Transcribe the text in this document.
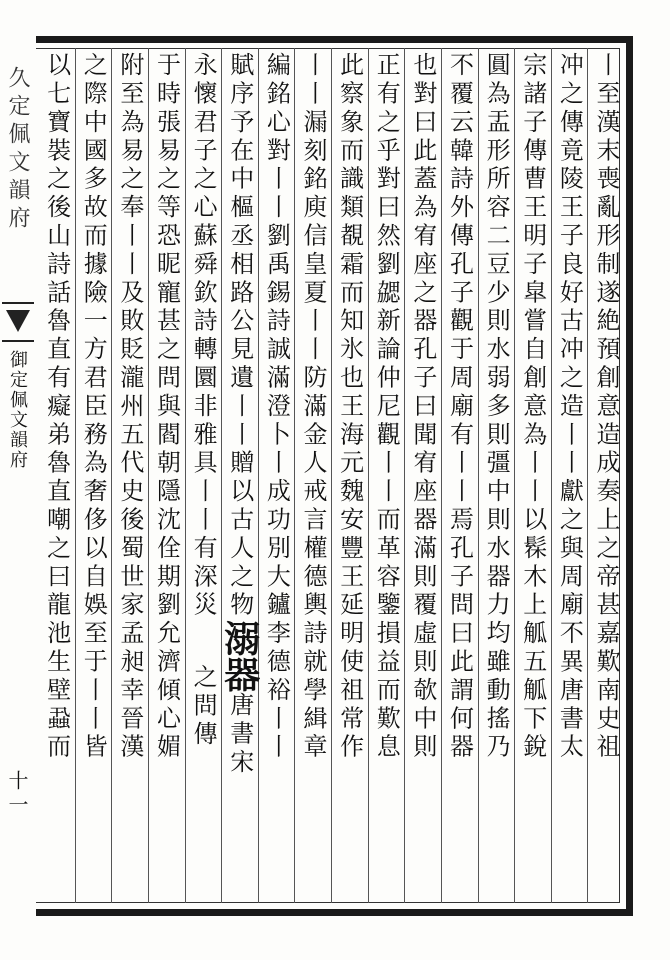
久定佩文韻府
御定佩文韻府
十一
丨至漢末喪亂形制遂絶預創意造成奏上之帝甚嘉歎南史祖
冲之傳竟陵王子良好古冲之造丨丨獻之與周廟不異唐書太
宗諸子傳曹王明子皐嘗自創意為丨丨以髹木上觚五觚下銳
圓為盂形所容二豆少則水弱多則彊中則水器力均雖動搖乃
不覆云韓詩外傳孔子觀于周廟有丨丨焉孔子問曰此謂何器
也對曰此蓋為宥座之器孔子曰聞宥座器滿則覆虛則欹中則
正有之乎對曰然劉勰新論仲尼觀丨丨而革容鑒損益而歎息
此察象而識類覩霜而知氷也王海元魏安豐王延明使祖常作
丨丨漏刻銘庾信皇夏丨丨防滿金人戒言權德輿詩就學緝章
編銘心對丨丨劉禹錫詩誠滿澄卜丨成功別大鑪李德裕丨丨
賦序予在中樞丞相路公見遺丨丨贈以古人之物溺器唐書宋
永懷君子之心蘇舜欽詩轉圜非雅具丨丨有深災之問傳
于時張易之等恐昵寵甚之問與閻朝隱沈佺期劉允濟傾心媚
附至為易之奉丨丨及敗貶瀧州五代史後蜀世家孟昶幸晉漢
之際中國多故而據險一方君臣務為奢侈以自娛至于丨丨皆
以七寶裝之後山詩話魯直有癡弟魯直嘲之曰龍池生壁蝨而
